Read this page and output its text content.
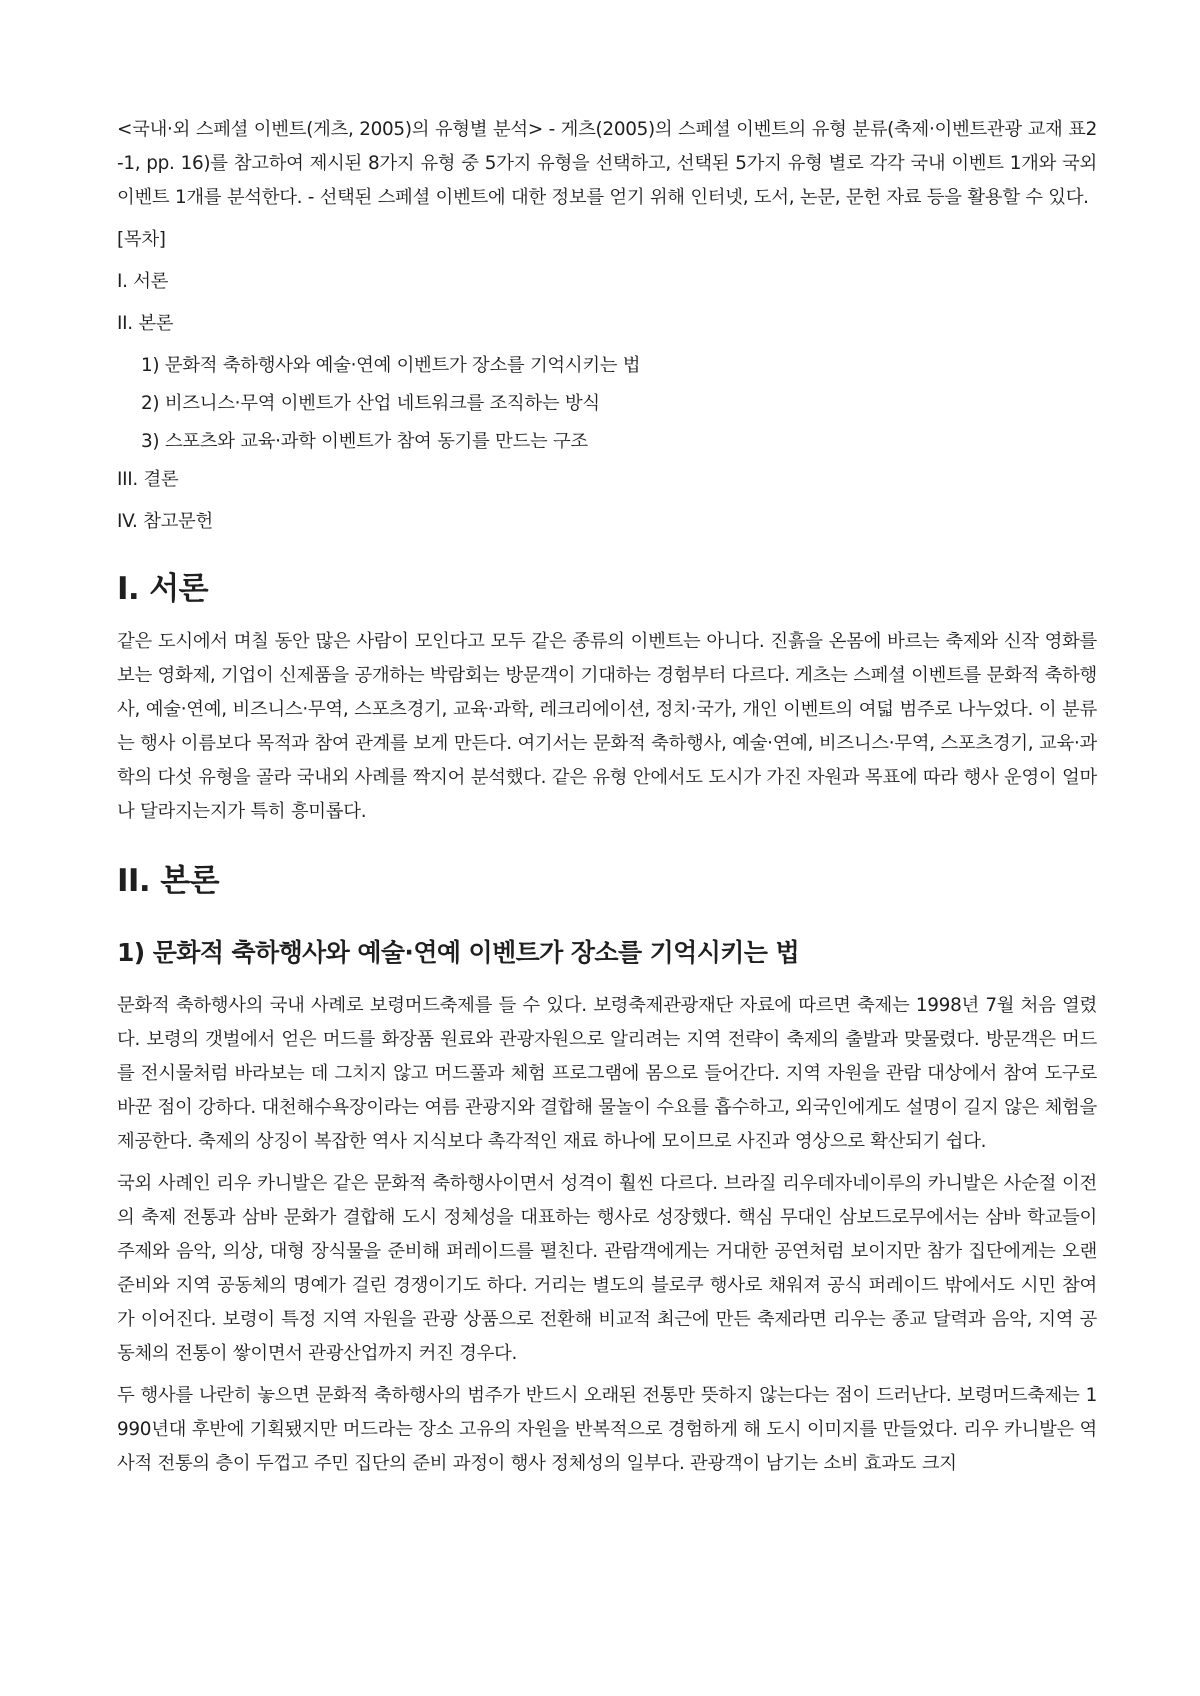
<국내·외 스페셜 이벤트(게츠, 2005)의 유형별 분석> - 게츠(2005)의 스페셜 이벤트의 유형 분류(축제·이벤트관광 교재 표2-1, pp. 16)를 참고하여 제시된 8가지 유형 중 5가지 유형을 선택하고, 선택된 5가지 유형 별로 각각 국내 이벤트 1개와 국외이벤트 1개를 분석한다. - 선택된 스페셜 이벤트에 대한 정보를 얻기 위해 인터넷, 도서, 논문, 문헌 자료 등을 활용할 수 있다.

[목차]
I. 서론
II. 본론
1) 문화적 축하행사와 예술·연예 이벤트가 장소를 기억시키는 법
2) 비즈니스·무역 이벤트가 산업 네트워크를 조직하는 방식
3) 스포츠와 교육·과학 이벤트가 참여 동기를 만드는 구조
III. 결론
IV. 참고문헌
I. 서론

같은 도시에서 며칠 동안 많은 사람이 모인다고 모두 같은 종류의 이벤트는 아니다. 진흙을 온몸에 바르는 축제와 신작 영화를 보는 영화제, 기업이 신제품을 공개하는 박람회는 방문객이 기대하는 경험부터 다르다. 게츠는 스페셜 이벤트를 문화적 축하행사, 예술·연예, 비즈니스·무역, 스포츠경기, 교육·과학, 레크리에이션, 정치·국가, 개인 이벤트의 여덟 범주로 나누었다. 이 분류는 행사 이름보다 목적과 참여 관계를 보게 만든다. 여기서는 문화적 축하행사, 예술·연예, 비즈니스·무역, 스포츠경기, 교육·과학의 다섯 유형을 골라 국내외 사례를 짝지어 분석했다. 같은 유형 안에서도 도시가 가진 자원과 목표에 따라 행사 운영이 얼마나 달라지는지가 특히 흥미롭다.

II. 본론
1) 문화적 축하행사와 예술·연예 이벤트가 장소를 기억시키는 법

문화적 축하행사의 국내 사례로 보령머드축제를 들 수 있다. 보령축제관광재단 자료에 따르면 축제는 1998년 7월 처음 열렸다. 보령의 갯벌에서 얻은 머드를 화장품 원료와 관광자원으로 알리려는 지역 전략이 축제의 출발과 맞물렸다. 방문객은 머드를 전시물처럼 바라보는 데 그치지 않고 머드풀과 체험 프로그램에 몸으로 들어간다. 지역 자원을 관람 대상에서 참여 도구로 바꾼 점이 강하다. 대천해수욕장이라는 여름 관광지와 결합해 물놀이 수요를 흡수하고, 외국인에게도 설명이 길지 않은 체험을 제공한다. 축제의 상징이 복잡한 역사 지식보다 촉각적인 재료 하나에 모이므로 사진과 영상으로 확산되기 쉽다.

국외 사례인 리우 카니발은 같은 문화적 축하행사이면서 성격이 훨씬 다르다. 브라질 리우데자네이루의 카니발은 사순절 이전의 축제 전통과 삼바 문화가 결합해 도시 정체성을 대표하는 행사로 성장했다. 핵심 무대인 삼보드로무에서는 삼바 학교들이 주제와 음악, 의상, 대형 장식물을 준비해 퍼레이드를 펼친다. 관람객에게는 거대한 공연처럼 보이지만 참가 집단에게는 오랜 준비와 지역 공동체의 명예가 걸린 경쟁이기도 하다. 거리는 별도의 블로쿠 행사로 채워져 공식 퍼레이드 밖에서도 시민 참여가 이어진다. 보령이 특정 지역 자원을 관광 상품으로 전환해 비교적 최근에 만든 축제라면 리우는 종교 달력과 음악, 지역 공동체의 전통이 쌓이면서 관광산업까지 커진 경우다.

두 행사를 나란히 놓으면 문화적 축하행사의 범주가 반드시 오래된 전통만 뜻하지 않는다는 점이 드러난다. 보령머드축제는 1990년대 후반에 기획됐지만 머드라는 장소 고유의 자원을 반복적으로 경험하게 해 도시 이미지를 만들었다. 리우 카니발은 역사적 전통의 층이 두껍고 주민 집단의 준비 과정이 행사 정체성의 일부다. 관광객이 남기는 소비 효과도 크지
